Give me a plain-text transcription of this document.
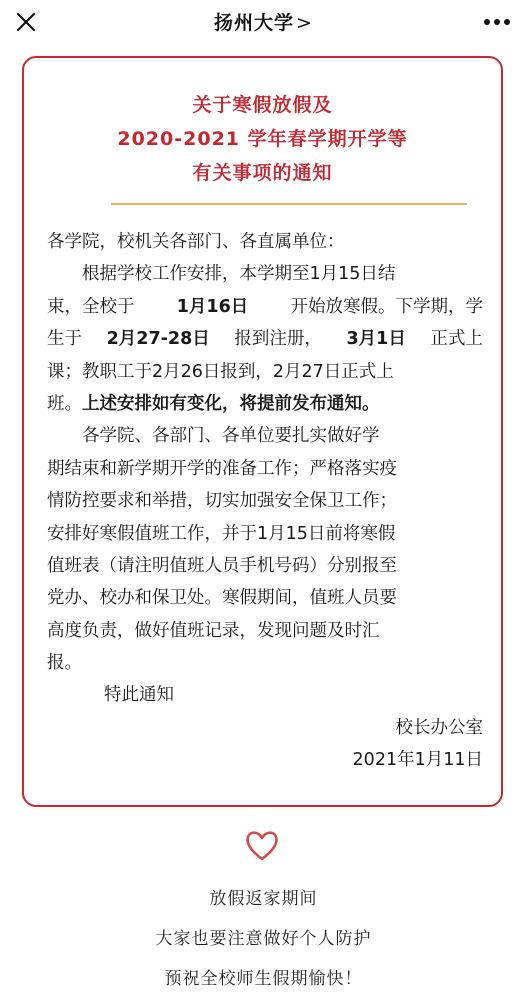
扬州大学 >
关于寒假放假及
2020-2021 学年春学期开学等
有关事项的通知
各学院，校机关各部门、各直属单位：
根据学校工作安排，本学期至1月15日结
束，全校于 1月16日 开始放寒假。下学期，学
生于 2月27-28日 报到注册， 3月1日 正式上
课；教职工于2月26日报到，2月27日正式上
班。 上述安排如有变化，将提前发布通知。
各学院、各部门、各单位要扎实做好学
期结束和新学期开学的准备工作；严格落实疫
情防控要求和举措，切实加强安全保卫工作；
安排好寒假值班工作，并于1月15日前将寒假
值班表（请注明值班人员手机号码）分别报至
党办、校办和保卫处。寒假期间，值班人员要
高度负责，做好值班记录，发现问题及时汇
报。
特此通知
校长办公室
2021年1月11日
放假返家期间
大家也要注意做好个人防护
预祝全校师生假期愉快！
